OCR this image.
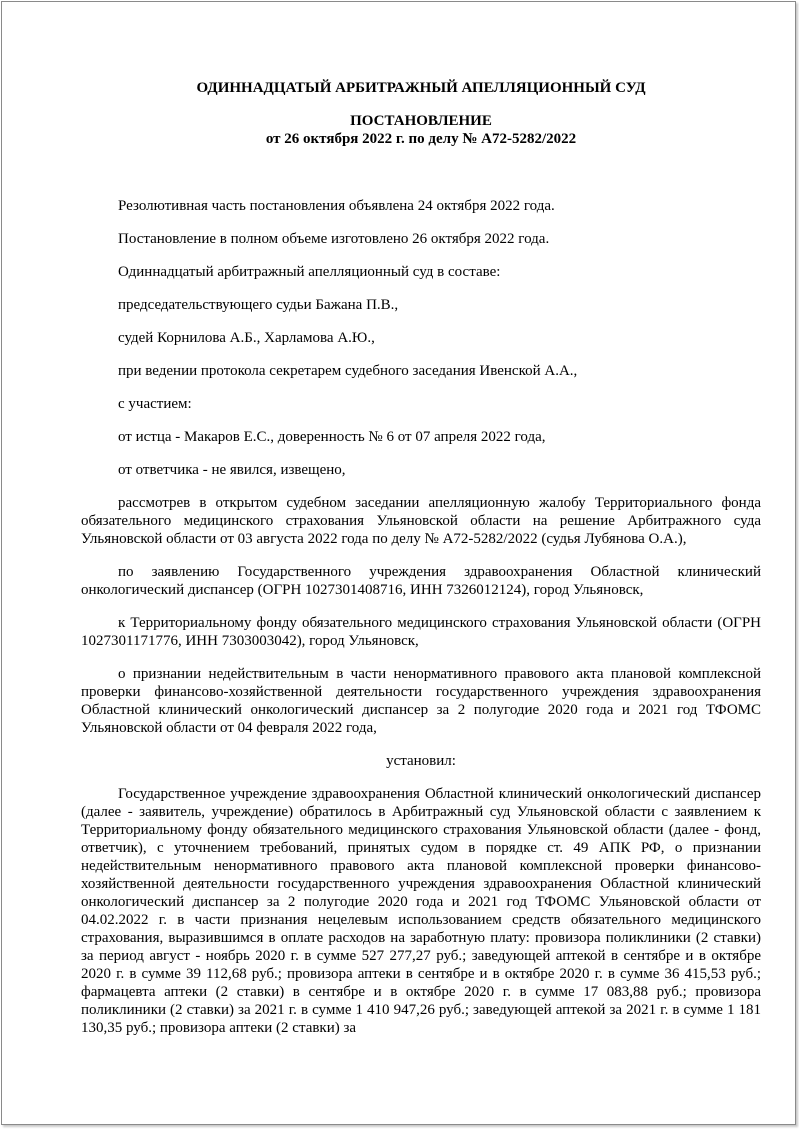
ОДИННАДЦАТЫЙ АРБИТРАЖНЫЙ АПЕЛЛЯЦИОННЫЙ СУД
ПОСТАНОВЛЕНИЕ
от 26 октября 2022 г. по делу № А72-5282/2022

Резолютивная часть постановления объявлена 24 октября 2022 года.

Постановление в полном объеме изготовлено 26 октября 2022 года.

Одиннадцатый арбитражный апелляционный суд в составе:

председательствующего судьи Бажана П.В.,

судей Корнилова А.Б., Харламова А.Ю.,

при ведении протокола секретарем судебного заседания Ивенской А.А.,

с участием:

от истца - Макаров Е.С., доверенность № 6 от 07 апреля 2022 года,

от ответчика - не явился, извещено,

рассмотрев в открытом судебном заседании апелляционную жалобу Территориального фонда обязательного медицинского страхования Ульяновской области на решение Арбитражного суда Ульяновской области от 03 августа 2022 года по делу № А72-5282/2022 (судья Лубянова О.А.),

по заявлению Государственного учреждения здравоохранения Областной клинический онкологический диспансер (ОГРН 1027301408716, ИНН 7326012124), город Ульяновск,

к Территориальному фонду обязательного медицинского страхования Ульяновской области (ОГРН 1027301171776, ИНН 7303003042), город Ульяновск,

о признании недействительным в части ненормативного правового акта плановой комплексной проверки финансово-хозяйственной деятельности государственного учреждения здравоохранения Областной клинический онкологический диспансер за 2 полугодие 2020 года и 2021 год ТФОМС Ульяновской области от 04 февраля 2022 года,

установил:

Государственное учреждение здравоохранения Областной клинический онкологический диспансер (далее - заявитель, учреждение) обратилось в Арбитражный суд Ульяновской области с заявлением к Территориальному фонду обязательного медицинского страхования Ульяновской области (далее - фонд, ответчик), с уточнением требований, принятых судом в порядке ст. 49 АПК РФ, о признании недействительным ненормативного правового акта плановой комплексной проверки финансово-хозяйственной деятельности государственного учреждения здравоохранения Областной клинический онкологический диспансер за 2 полугодие 2020 года и 2021 год ТФОМС Ульяновской области от 04.02.2022 г. в части признания нецелевым использованием средств обязательного медицинского страхования, выразившимся в оплате расходов на заработную плату: провизора поликлиники (2 ставки) за период август - ноябрь 2020 г. в сумме 527 277,27 руб.; заведующей аптекой в сентябре и в октябре 2020 г. в сумме 39 112,68 руб.; провизора аптеки в сентябре и в октябре 2020 г. в сумме 36 415,53 руб.; фармацевта аптеки (2 ставки) в сентябре и в октябре 2020 г. в сумме 17 083,88 руб.; провизора поликлиники (2 ставки) за 2021 г. в сумме 1 410 947,26 руб.; заведующей аптекой за 2021 г. в сумме 1 181 130,35 руб.; провизора аптеки (2 ставки) за
